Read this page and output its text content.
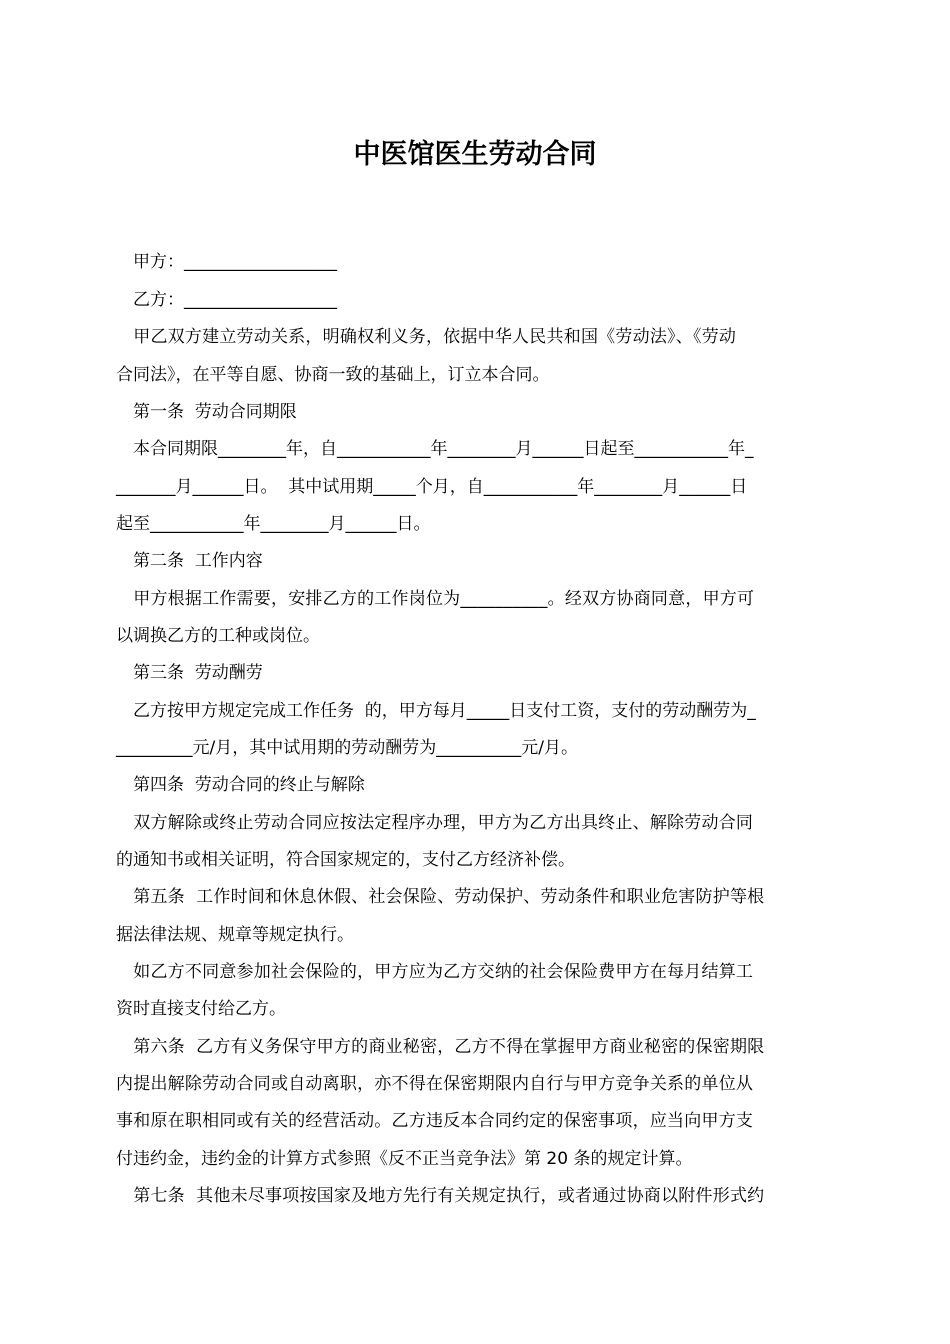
中医馆医生劳动合同

　甲方：__________________

　乙方：__________________

　甲乙双方建立劳动关系，明确权利义务，依据中华人民共和国《劳动法》、《劳动

合同法》，在平等自愿、协商一致的基础上，订立本合同。

　第一条  劳动合同期限

　本合同期限________年，自___________年________月______日起至___________年_

_______月______日。  其中试用期_____个月，自___________年________月______日

起至___________年________月______日。

　第二条  工作内容

　甲方根据工作需要，安排乙方的工作岗位为__________。经双方协商同意，甲方可

以调换乙方的工种或岗位。

　第三条  劳动酬劳

　乙方按甲方规定完成工作任务  的，甲方每月_____日支付工资，支付的劳动酬劳为_

_________元/月，其中试用期的劳动酬劳为__________元/月。

　第四条  劳动合同的终止与解除

　双方解除或终止劳动合同应按法定程序办理，甲方为乙方出具终止、解除劳动合同

的通知书或相关证明，符合国家规定的，支付乙方经济补偿。

　第五条  工作时间和休息休假、社会保险、劳动保护、劳动条件和职业危害防护等根

据法律法规、规章等规定执行。

　如乙方不同意参加社会保险的，甲方应为乙方交纳的社会保险费甲方在每月结算工

资时直接支付给乙方。

　第六条  乙方有义务保守甲方的商业秘密，乙方不得在掌握甲方商业秘密的保密期限

内提出解除劳动合同或自动离职，亦不得在保密期限内自行与甲方竞争关系的单位从

事和原在职相同或有关的经营活动。乙方违反本合同约定的保密事项，应当向甲方支

付违约金，违约金的计算方式参照《反不正当竞争法》第 20 条的规定计算。

　第七条  其他未尽事项按国家及地方先行有关规定执行，或者通过协商以附件形式约
